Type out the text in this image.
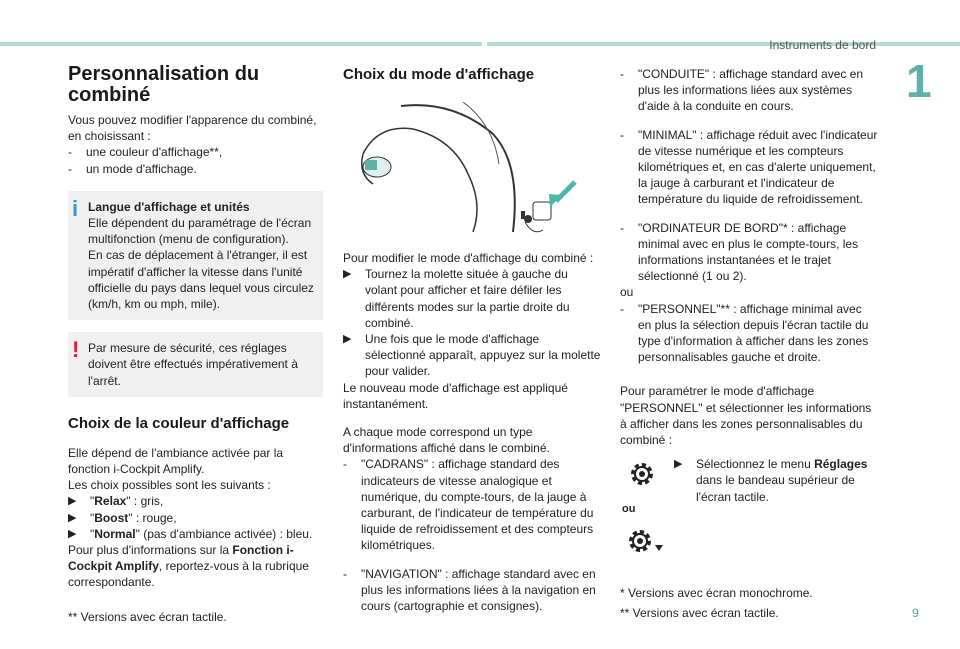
Instruments de bord
1
9
Personnalisation du combiné

Vous pouvez modifier l'apparence du combiné, en choisissant :

-	une couleur d'affichage**,
-	un mode d'affichage.
i Langue d'affichage et unités

Elle dépendent du paramétrage de l'écran multifonction (menu de configuration).

En cas de déplacement à l'étranger, il est impératif d'afficher la vitesse dans l'unité officielle du pays dans lequel vous circulez (km/h, km ou mph, mile).

! Par mesure de sécurité, ces réglages doivent être effectués impérativement à l'arrêt.

Choix de la couleur d'affichage

Elle dépend de l'ambiance activée par la fonction i-Cockpit Amplify.

Les choix possibles sont les suivants :

▶	"Relax" : gris,
▶	"Boost" : rouge,
▶	"Normal" (pas d'ambiance activée) : bleu.

Pour plus d'informations sur la Fonction i-Cockpit Amplify, reportez-vous à la rubrique correspondante.

** Versions avec écran tactile.

Choix du mode d'affichage

Pour modifier le mode d'affichage du combiné :

▶	Tournez la molette située à gauche du volant pour afficher et faire défiler les différents modes sur la partie droite du combiné.
▶	Une fois que le mode d'affichage sélectionné apparaît, appuyez sur la molette pour valider.

Le nouveau mode d'affichage est appliqué instantanément.

A chaque mode correspond un type d'informations affiché dans le combiné.

-	"CADRANS" : affichage standard des indicateurs de vitesse analogique et numérique, du compte-tours, de la jauge à carburant, de l'indicateur de température du liquide de refroidissement et des compteurs kilométriques.
-	"NAVIGATION" : affichage standard avec en plus les informations liées à la navigation en cours (cartographie et consignes).
-	"CONDUITE" : affichage standard avec en plus les informations liées aux systèmes d'aide à la conduite en cours.
-	"MINIMAL" : affichage réduit avec l'indicateur de vitesse numérique et les compteurs kilométriques et, en cas d'alerte uniquement, la jauge à carburant et l'indicateur de température du liquide de refroidissement.
-	"ORDINATEUR DE BORD"* : affichage minimal avec en plus le compte-tours, les informations instantanées et le trajet sélectionné (1 ou 2).

ou

-	"PERSONNEL"** : affichage minimal avec en plus la sélection depuis l'écran tactile du type d'information à afficher dans les zones personnalisables gauche et droite.

Pour paramétrer le mode d'affichage "PERSONNEL" et sélectionner les informations à afficher dans les zones personnalisables du combiné :

▶	Sélectionnez le menu Réglages dans le bandeau supérieur de l'écran tactile.

* Versions avec écran monochrome.

** Versions avec écran tactile.

ou
